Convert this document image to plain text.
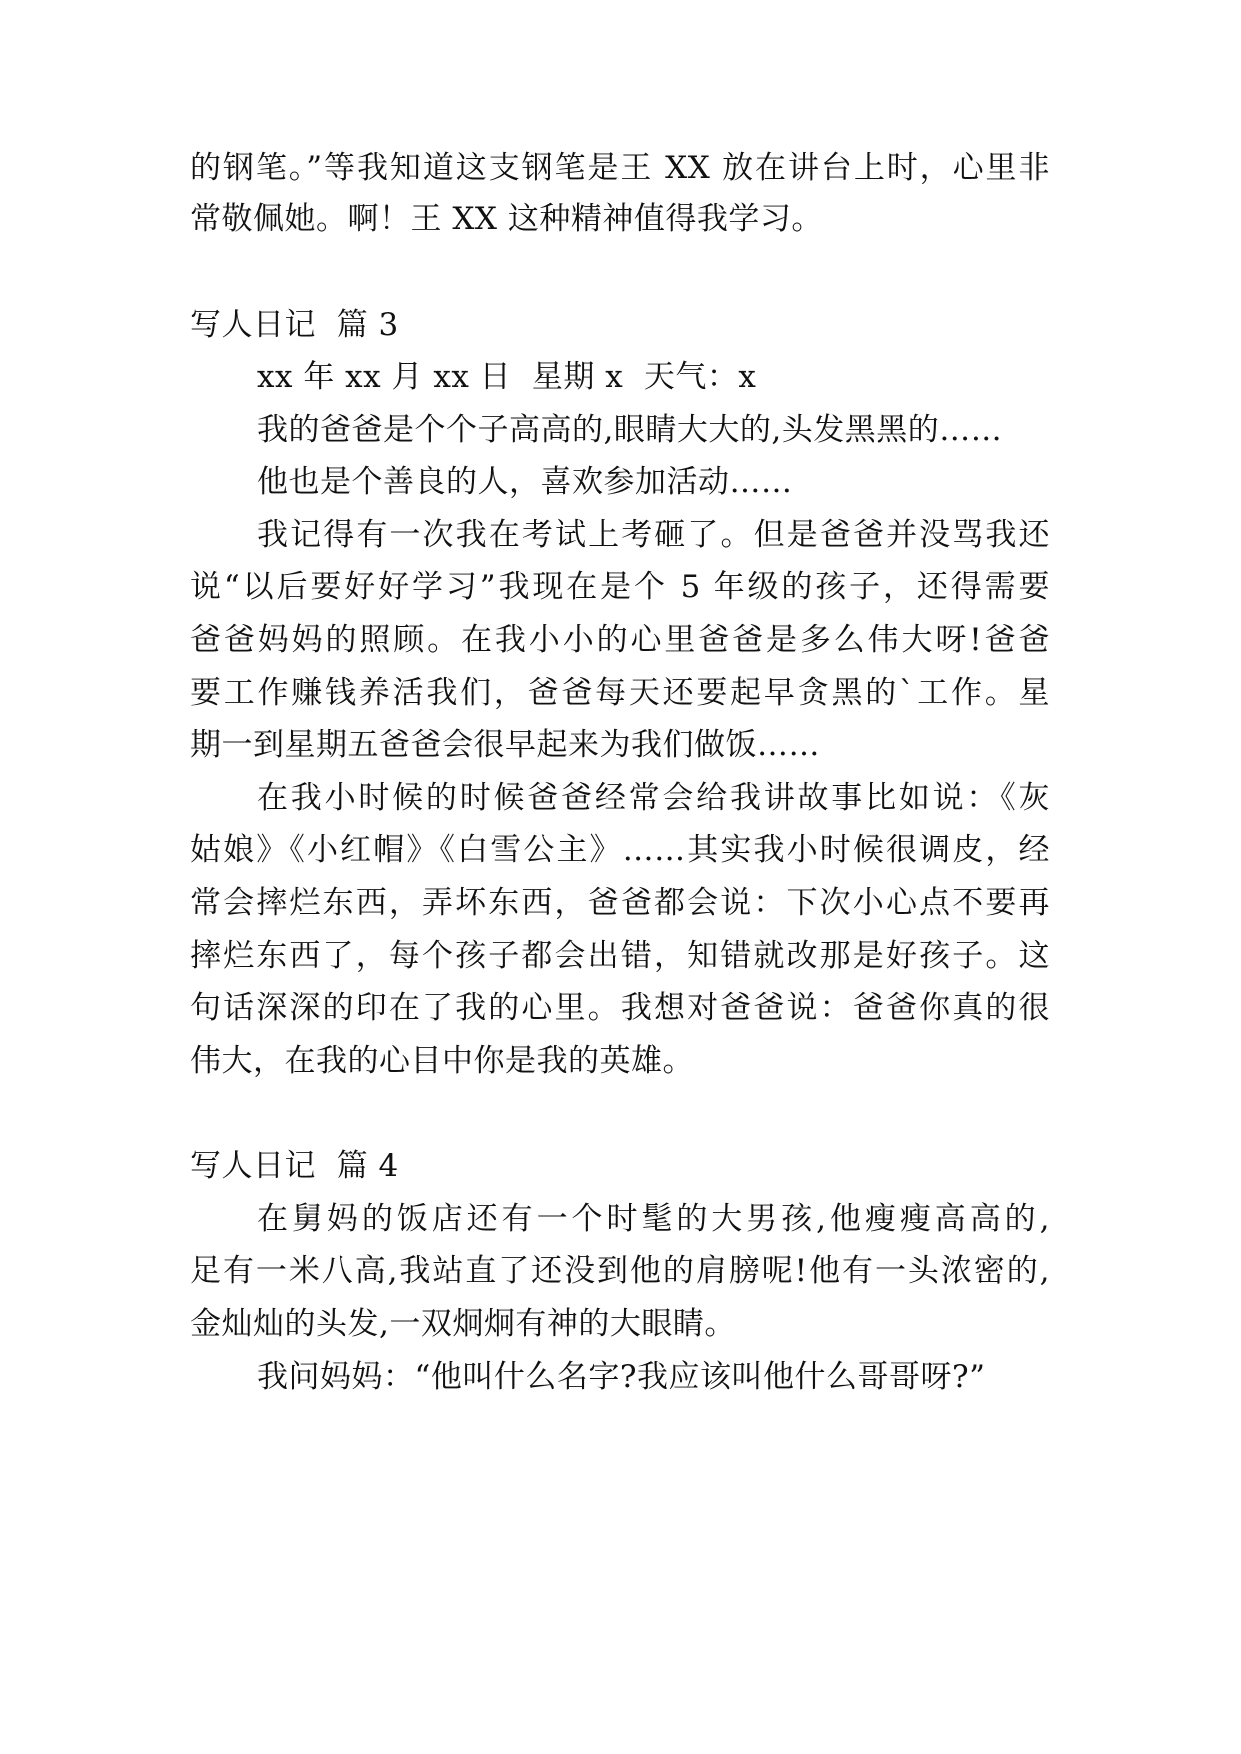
的钢笔。”等我知道这支钢笔是王 XX 放在讲台上时，心里非
常敬佩她。啊！王 XX 这种精神值得我学习。
写人日记  篇 3
xx 年 xx 月 xx 日  星期 x  天气：x
我的爸爸是个个子高高的,眼睛大大的,头发黑黑的……
他也是个善良的人，喜欢参加活动……
我记得有一次我在考试上考砸了。但是爸爸并没骂我还
说“以后要好好学习”我现在是个 5 年级的孩子，还得需要
爸爸妈妈的照顾。在我小小的心里爸爸是多么伟大呀!爸爸
要工作赚钱养活我们，爸爸每天还要起早贪黑的`工作。星
期一到星期五爸爸会很早起来为我们做饭……
在我小时候的时候爸爸经常会给我讲故事比如说：《灰
姑娘》《小红帽》《白雪公主》……其实我小时候很调皮，经
常会摔烂东西，弄坏东西，爸爸都会说：下次小心点不要再
摔烂东西了，每个孩子都会出错，知错就改那是好孩子。这
句话深深的印在了我的心里。我想对爸爸说：爸爸你真的很
伟大，在我的心目中你是我的英雄。
写人日记  篇 4
在舅妈的饭店还有一个时髦的大男孩,他瘦瘦高高的,
足有一米八高,我站直了还没到他的肩膀呢!他有一头浓密的,
金灿灿的头发,一双炯炯有神的大眼睛。
我问妈妈：“他叫什么名字?我应该叫他什么哥哥呀?”
